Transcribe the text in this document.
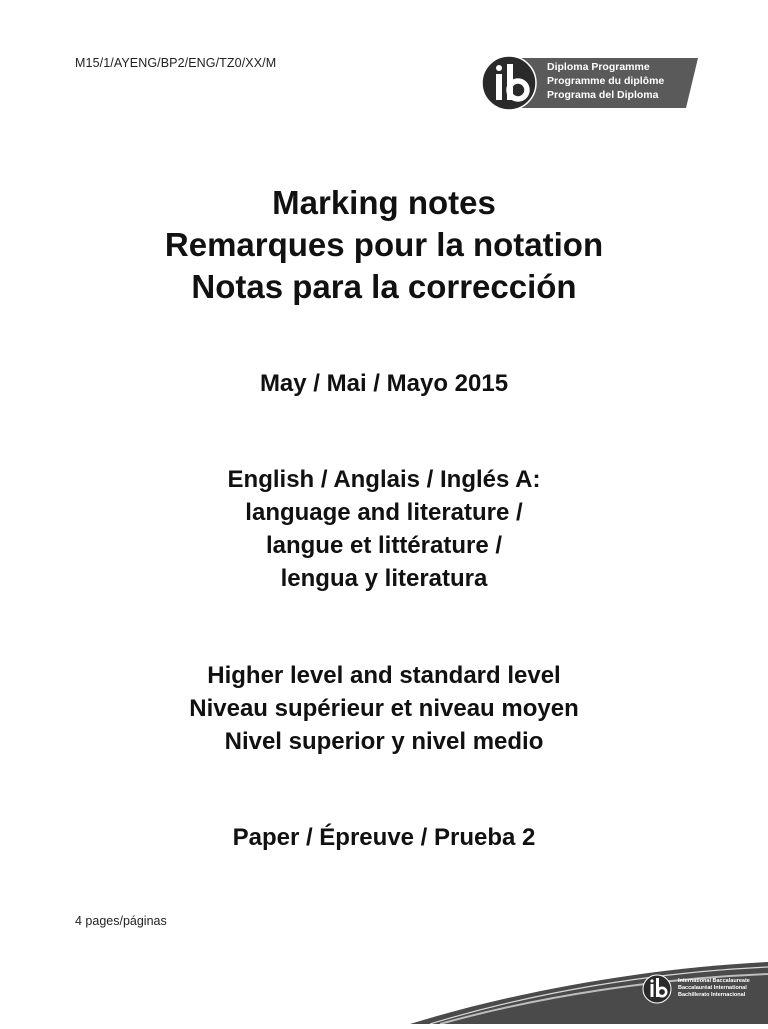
M15/1/AYENG/BP2/ENG/TZ0/XX/M	Diploma Programme
Programme du diplôme
Programa del Diploma
Marking notes
Remarques pour la notation
Notas para la corrección
May / Mai / Mayo 2015
English / Anglais / Inglés A:
language and literature /
langue et littérature /
lengua y literatura
Higher level and standard level
Niveau supérieur et niveau moyen
Nivel superior y nivel medio
Paper / Épreuve / Prueba 2
4 pages/páginas
International Baccalaureate
Baccalauréat International
Bachillerato Internacional
